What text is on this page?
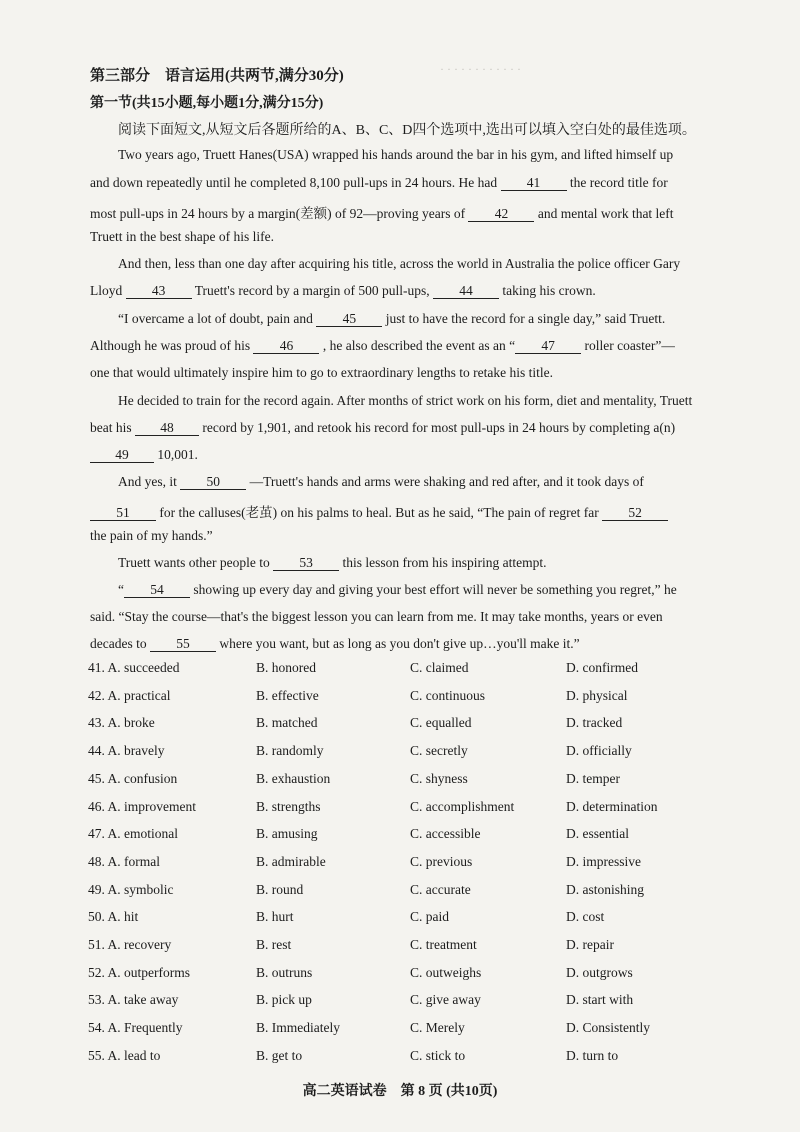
· · · · · · · · · · · ·
第三部分　语言运用(共两节,满分30分)
第一节(共15小题,每小题1分,满分15分)
阅读下面短文,从短文后各题所给的A、B、C、D四个选项中,选出可以填入空白处的最佳选项。
Two years ago, Truett Hanes(USA) wrapped his hands around the bar in his gym, and lifted himself up
and down repeatedly until he completed 8,100 pull-ups in 24 hours. He had 41 the record title for
most pull-ups in 24 hours by a margin(差额) of 92—proving years of 42 and mental work that left
Truett in the best shape of his life.
And then, less than one day after acquiring his title, across the world in Australia the police officer Gary
Lloyd 43 Truett's record by a margin of 500 pull-ups, 44 taking his crown.
“I overcame a lot of doubt, pain and 45 just to have the record for a single day,” said Truett.
Although he was proud of his 46 , he also described the event as an “ 47 roller coaster”—
one that would ultimately inspire him to go to extraordinary lengths to retake his title.
He decided to train for the record again. After months of strict work on his form, diet and mentality, Truett
beat his 48 record by 1,901, and retook his record for most pull-ups in 24 hours by completing a(n)
49 10,001.
And yes, it 50 —Truett's hands and arms were shaking and red after, and it took days of
51 for the calluses(老茧) on his palms to heal. But as he said, “The pain of regret far 52
the pain of my hands.”
Truett wants other people to 53 this lesson from his inspiring attempt.
“ 54 showing up every day and giving your best effort will never be something you regret,” he
said. “Stay the course—that's the biggest lesson you can learn from me. It may take months, years or even
decades to 55 where you want, but as long as you don't give up…you'll make it.”
41. A. succeeded	B. honored	C. claimed	D. confirmed
42. A. practical	B. effective	C. continuous	D. physical
43. A. broke	B. matched	C. equalled	D. tracked
44. A. bravely	B. randomly	C. secretly	D. officially
45. A. confusion	B. exhaustion	C. shyness	D. temper
46. A. improvement	B. strengths	C. accomplishment	D. determination
47. A. emotional	B. amusing	C. accessible	D. essential
48. A. formal	B. admirable	C. previous	D. impressive
49. A. symbolic	B. round	C. accurate	D. astonishing
50. A. hit	B. hurt	C. paid	D. cost
51. A. recovery	B. rest	C. treatment	D. repair
52. A. outperforms	B. outruns	C. outweighs	D. outgrows
53. A. take away	B. pick up	C. give away	D. start with
54. A. Frequently	B. Immediately	C. Merely	D. Consistently
55. A. lead to	B. get to	C. stick to	D. turn to
高二英语试卷　第 8 页 (共10页)
